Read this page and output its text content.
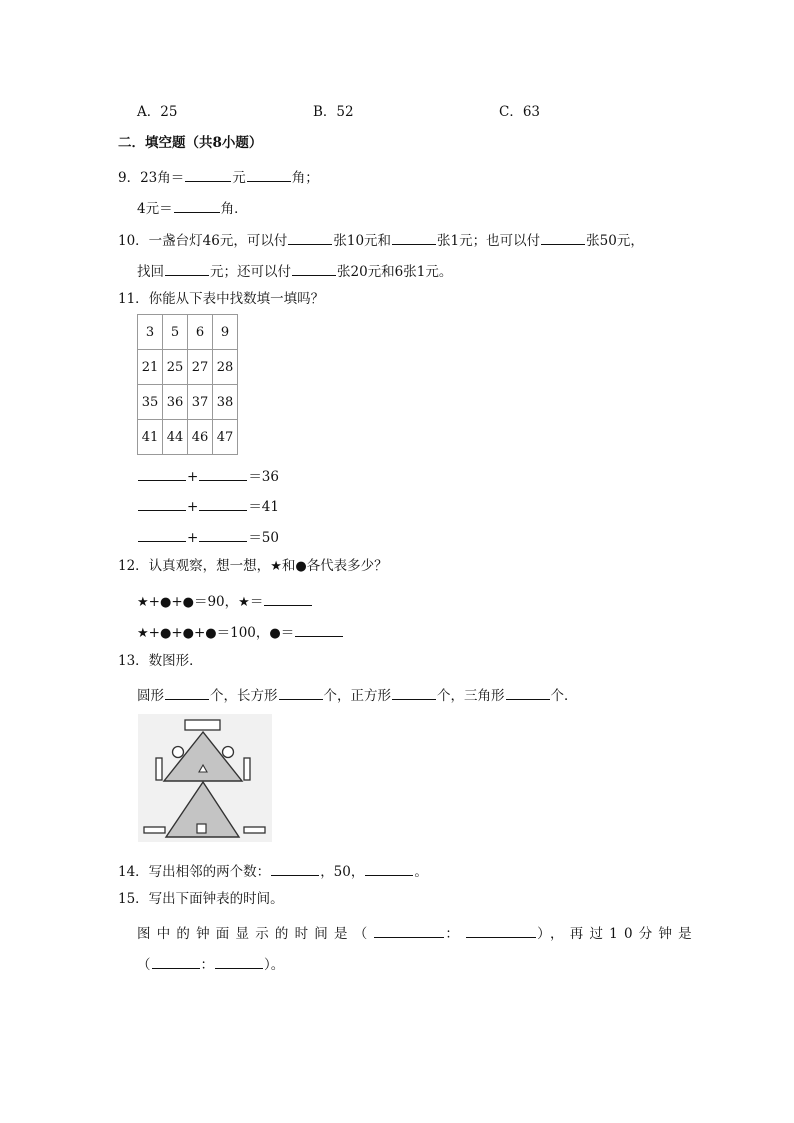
A．25	B．52	C．63
二．填空题（共8小题）
9．23角＝	元	角；
4元＝	角．
10．一盏台灯46元，可以付	张10元和	张1元；也可以付	张50元，
找回	元；还可以付	张20元和6张1元。
11．你能从下表中找数填一填吗？
3	5	6	9
21	25	27	28
35	36	37	38
41	44	46	47
+	＝36
+	＝41
+	＝50
12．认真观察，想一想，★和●各代表多少？
★+●+●＝90，★＝
★+●+●+●＝100，●＝
13．数图形．
圆形	个，长方形	个，正方形	个，三角形	个．
14．写出相邻的两个数：	，50，	。
15．写出下面钟表的时间。
图中的钟面显示的时间是（	：	），再过10分钟是
（	：	）。
